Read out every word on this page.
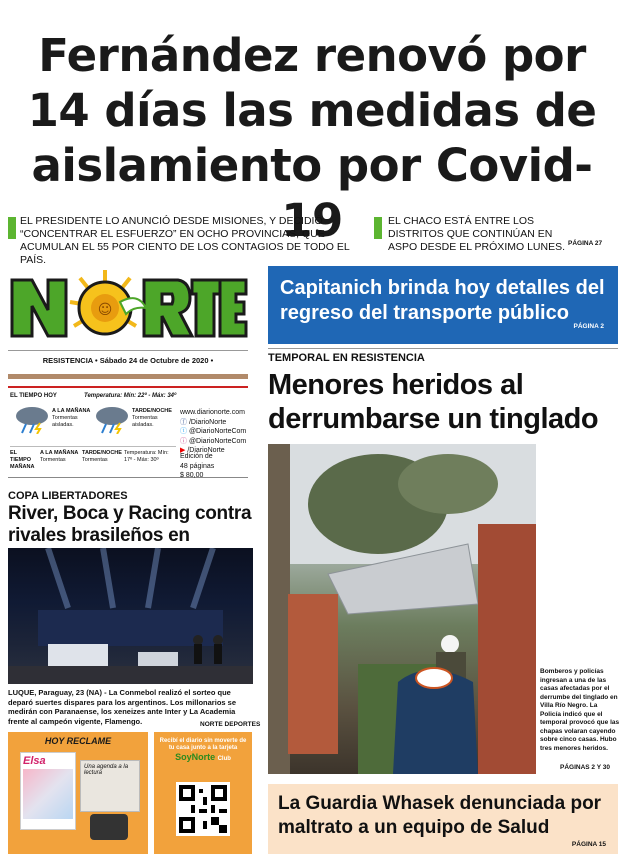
Fernández renovó por
14 días las medidas de
aislamiento por Covid-19
EL PRESIDENTE LO ANUNCIÓ DESDE MISIONES, Y DECIDIÓ “CONCENTRAR EL ESFUERZO” EN OCHO PROVINCIAS, QUE ACUMULAN EL 55 POR CIENTO DE LOS CONTAGIOS DE TODO EL PAÍS.
EL CHACO ESTÁ ENTRE LOS DISTRITOS QUE CONTINÚAN EN ASPO DESDE EL PRÓXIMO LUNES. PÁGINA 27
☺
RESISTENCIA • Sábado 24 de Octubre de 2020 •
Capitanich brinda hoy detalles del regreso del transporte público
PÁGINA 2
EL TIEMPO HOY	Temperatura: Mín: 22º - Máx: 34º
A LA MAÑANA
Tormentas aisladas.
TARDE/NOCHE
Tormentas aisladas.
EL TIEMPO MAÑANA
A LA MAÑANA
Tormentas
TARDE/NOCHE
Tormentas
Temperatura: Mín: 17º - Máx: 30º
www.diarionorte.com
ⓕ /DiarioNorte
ⓣ @DiarioNorteCom
ⓘ @DiarioNorteCom
▶ /DiarioNorte
Edición de
48 páginas
$ 80,00
COPA LIBERTADORES
River, Boca y Racing contra rivales brasileños en
LUQUE, Paraguay, 23 (NA) - La Conmebol realizó el sorteo que deparó suertes dispares para los argentinos. Los millonarios se medirán con Paranaense, los xeneizes ante Inter y La Academia frente al campeón vigente, Flamengo.	NORTE DEPORTES
HOY RECLAME
Elsa	Una agenda a la lectura
Recibí el diario sin moverte de tu casa junto a la tarjeta
SoyNorte Club
TEMPORAL EN RESISTENCIA
Menores heridos al derrumbarse un tinglado
Bomberos y policías ingresan a una de las casas afectadas por el derrumbe del tinglado en Villa Río Negro. La Policía indicó que el temporal provocó que las chapas volaran cayendo sobre cinco casas. Hubo tres menores heridos.
PÁGINAS 2 Y 30
La Guardia Whasek denunciada por maltrato a un equipo de Salud
PÁGINA 15
